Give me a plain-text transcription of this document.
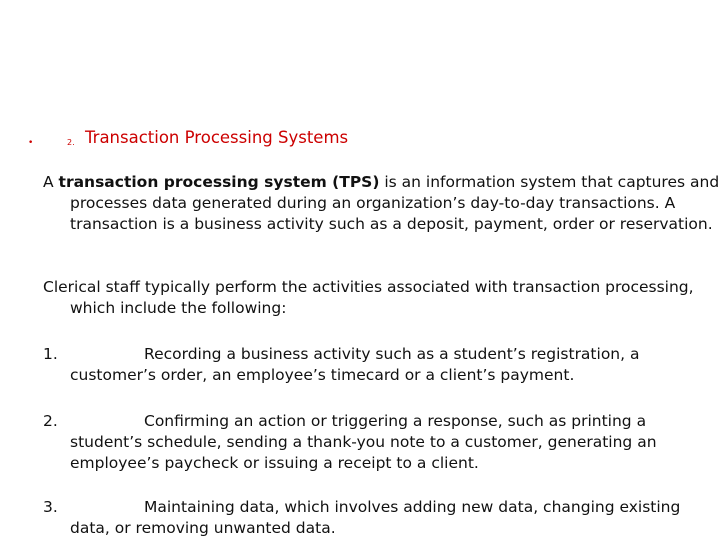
•	2. Transaction Processing Systems
A transaction processing system (TPS) is an information system that captures and processes data generated during an organization’s day-to-day transactions. A transaction is a business activity such as a deposit, payment, order or reservation.
Clerical staff typically perform the activities associated with transaction processing, which include the following:
1.	Recording a business activity such as a student’s registration, a customer’s order, an employee’s timecard or a client’s payment.
2.	Confirming an action or triggering a response, such as printing a student’s schedule, sending a thank-you note to a customer, generating an employee’s paycheck or issuing a receipt to a client.
3.	Maintaining data, which involves adding new data, changing existing data, or removing unwanted data.
